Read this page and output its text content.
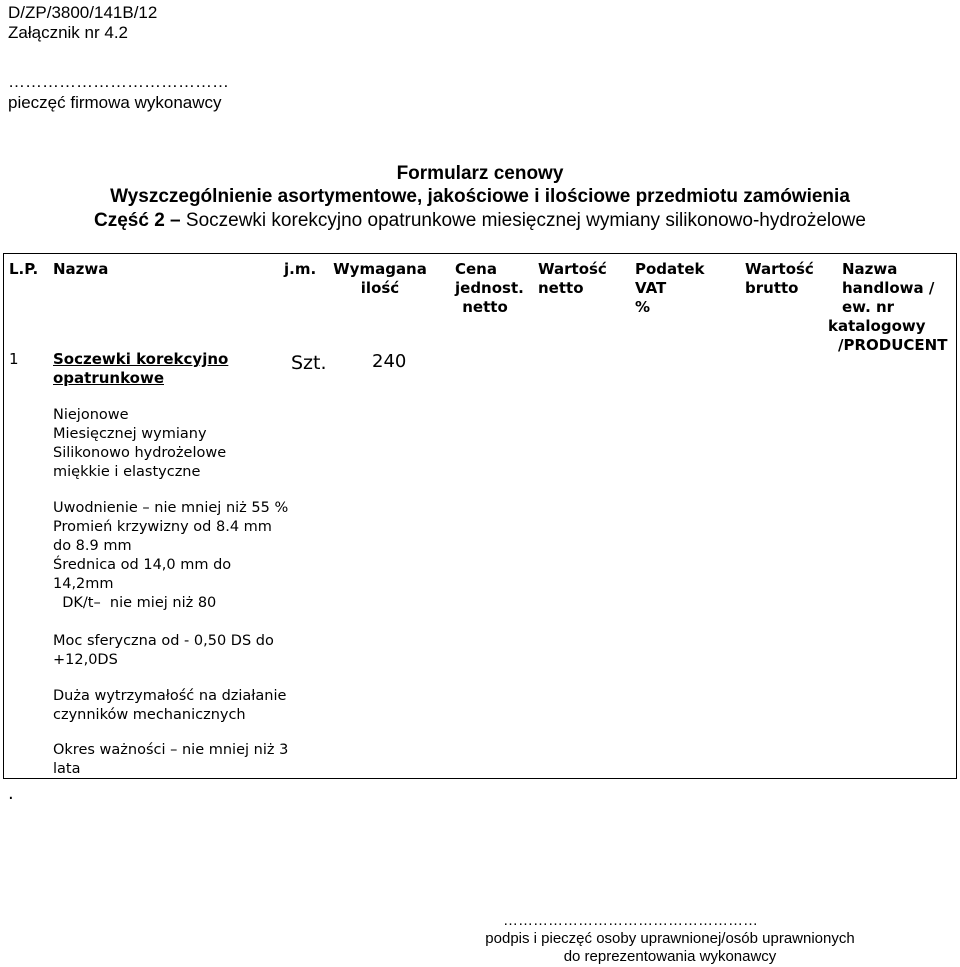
D/ZP/3800/141B/12
Załącznik nr 4.2
…………………………………
pieczęć firmowa wykonawcy
Formularz cenowy
Wyszczególnienie asortymentowe, jakościowe i ilościowe przedmiotu zamówienia
Część 2 – Soczewki korekcyjno opatrunkowe miesięcznej wymiany silikonowo-hydrożelowe
L.P. Nazwa	j.m. Wymagana
ilość
Cena
jednost.
netto
Wartość
netto
Podatek
VAT
%
Wartość
brutto
Nazwa
handlowa /
ew. nr
katalogowy
/PRODUCENT
1 Soczewki korekcyjno
opatrunkowe
Szt.	240
Niejonowe
Miesięcznej wymiany
Silikonowo hydrożelowe
miękkie i elastyczne
Uwodnienie – nie mniej niż 55 %
Promień krzywizny od 8.4 mm
do 8.9 mm
Średnica od 14,0 mm do
14,2mm
DK/t–  nie miej niż 80
Moc sferyczna od - 0,50 DS do
+12,0DS
Duża wytrzymałość na działanie
czynników mechanicznych
Okres ważności – nie mniej niż 3
lata
.
……………………………………………
podpis i pieczęć osoby uprawnionej/osób uprawnionych
do reprezentowania wykonawcy
